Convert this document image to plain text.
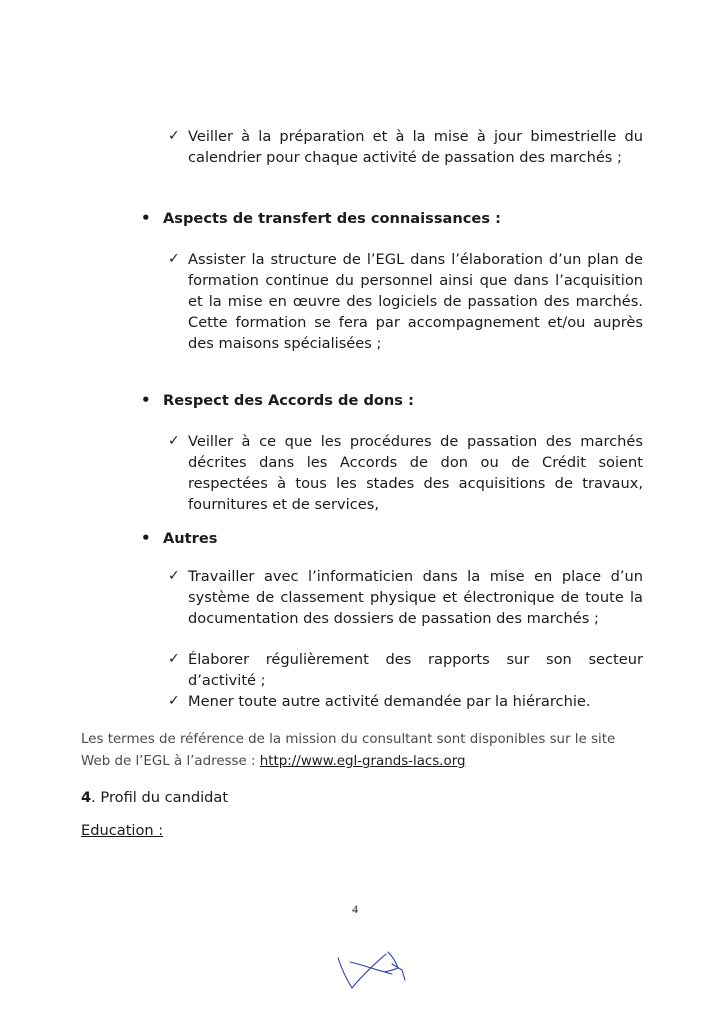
✓ Veiller à la préparation et à la mise à jour bimestrielle du calendrier pour chaque activité de passation des marchés ;
• Aspects de transfert des connaissances :
✓ Assister la structure de l’EGL dans l’élaboration d’un plan de formation continue du personnel ainsi que dans l’acquisition et la mise en œuvre des logiciels de passation des marchés. Cette formation se fera par accompagnement et/ou auprès des maisons spécialisées ;
• Respect des Accords de dons :
✓ Veiller à ce que les procédures de passation des marchés décrites dans les Accords de don ou de Crédit soient respectées à tous les stades des acquisitions de travaux, fournitures et de services,
• Autres
✓ Travailler avec l’informaticien dans la mise en place d’un système de classement physique et électronique de toute la documentation des dossiers de passation des marchés ;
✓ Élaborer régulièrement des rapports sur son secteur d’activité ;
✓ Mener toute autre activité demandée par la hiérarchie.
Les termes de référence de la mission du consultant sont disponibles sur le site Web de l’EGL à l’adresse : http://www.egl-grands-lacs.org
4. Profil du candidat
Education :
4
